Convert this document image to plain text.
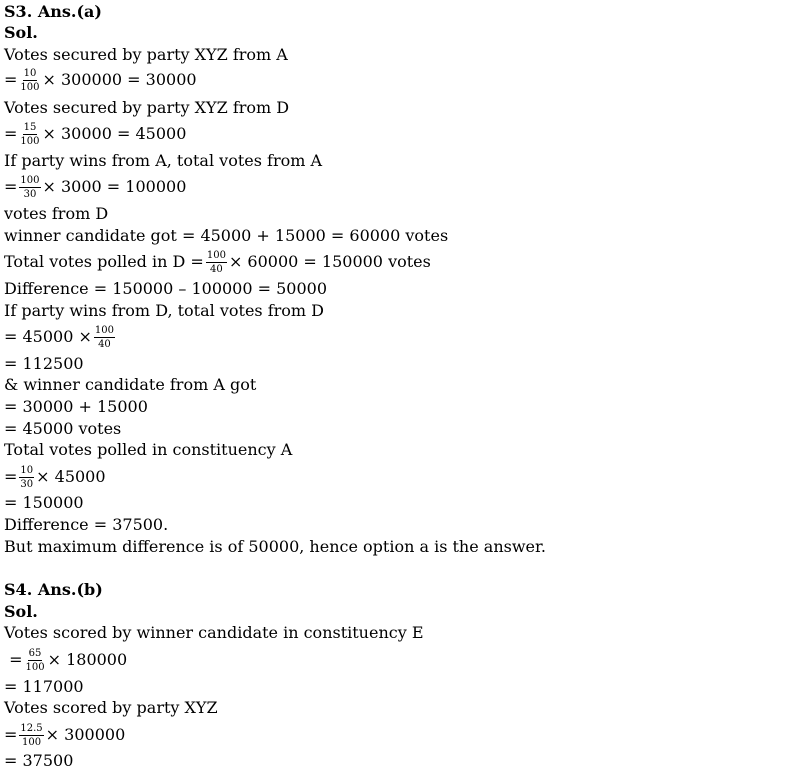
S3. Ans.(a)
Sol.
Votes secured by party XYZ from A
= $\frac{10}{100} \times 300000 = 30000$
Votes secured by party XYZ from D
= $\frac{15}{100} \times 30000 = 45000$
If party wins from A, total votes from A
= $\frac{100}{30} \times 3000 = 100000$
votes from D
winner candidate got = 45000 + 15000 = 60000 votes
Total votes polled in $D = \frac{100}{40} \times 60000 = 150000$ votes
Difference = 150000 – 100000 = 50000
If party wins from D, total votes from D
= $45000 \times \frac{100}{40}$
= 112500
& winner candidate from A got
= 30000 + 15000
= 45000 votes
Total votes polled in constituency A
= $\frac{10}{30} \times 45000$
= 150000
Difference = 37500.
But maximum difference is of 50000, hence option a is the answer.
S4. Ans.(b)
Sol.
Votes scored by winner candidate in constituency E
= $\frac{65}{100} \times 180000$
= 117000
Votes scored by party XYZ
= $\frac{12.5}{100} \times 300000$
= 37500
